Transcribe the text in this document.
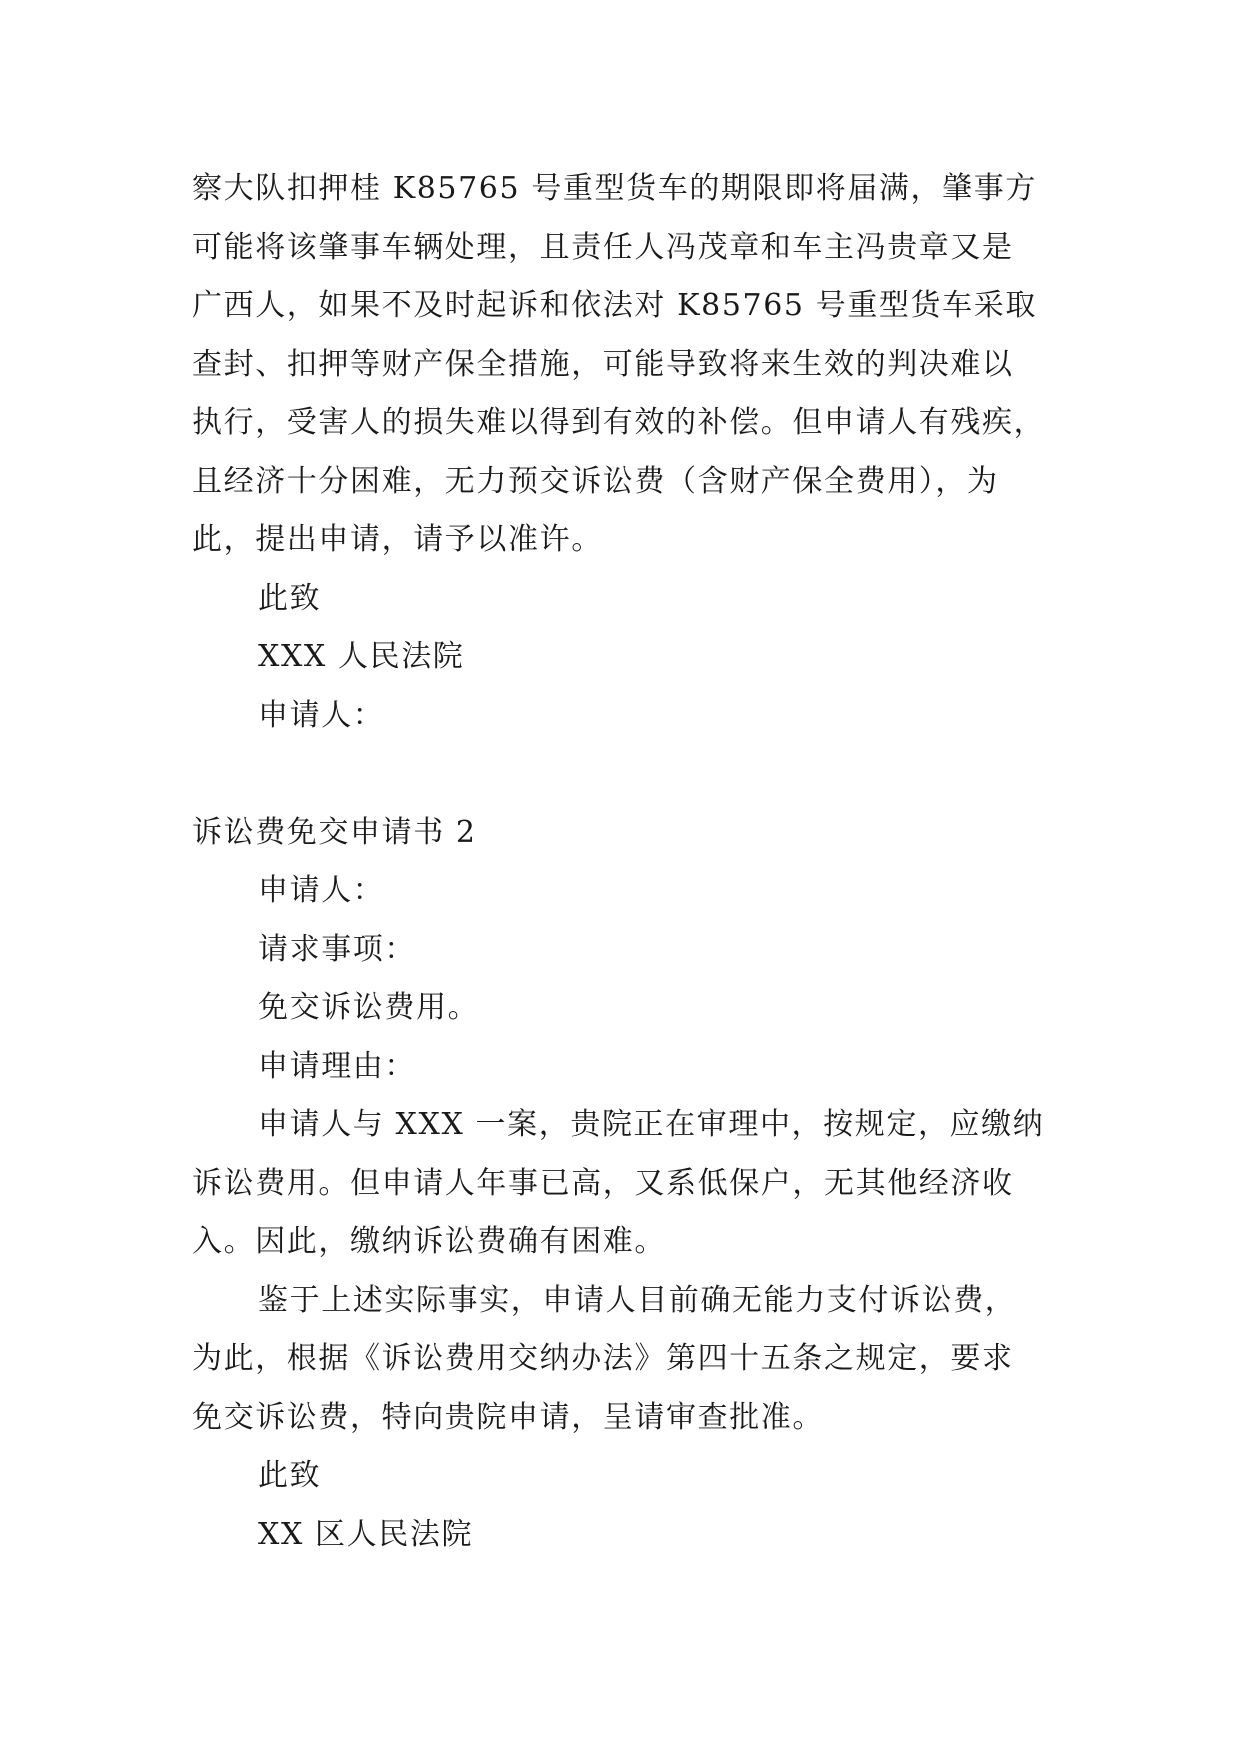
察大队扣押桂 K85765 号重型货车的期限即将届满，肇事方

可能将该肇事车辆处理，且责任人冯茂章和车主冯贵章又是

广西人，如果不及时起诉和依法对 K85765 号重型货车采取

查封、扣押等财产保全措施，可能导致将来生效的判决难以

执行，受害人的损失难以得到有效的补偿。但申请人有残疾，

且经济十分困难，无力预交诉讼费（含财产保全费用），为

此，提出申请，请予以准许。

此致

XXX 人民法院

申请人：

诉讼费免交申请书 2

申请人：

请求事项：

免交诉讼费用。

申请理由：

申请人与 XXX 一案，贵院正在审理中，按规定，应缴纳

诉讼费用。但申请人年事已高，又系低保户，无其他经济收

入。因此，缴纳诉讼费确有困难。

鉴于上述实际事实，申请人目前确无能力支付诉讼费，

为此，根据《诉讼费用交纳办法》第四十五条之规定，要求

免交诉讼费，特向贵院申请，呈请审查批准。

此致

XX 区人民法院
